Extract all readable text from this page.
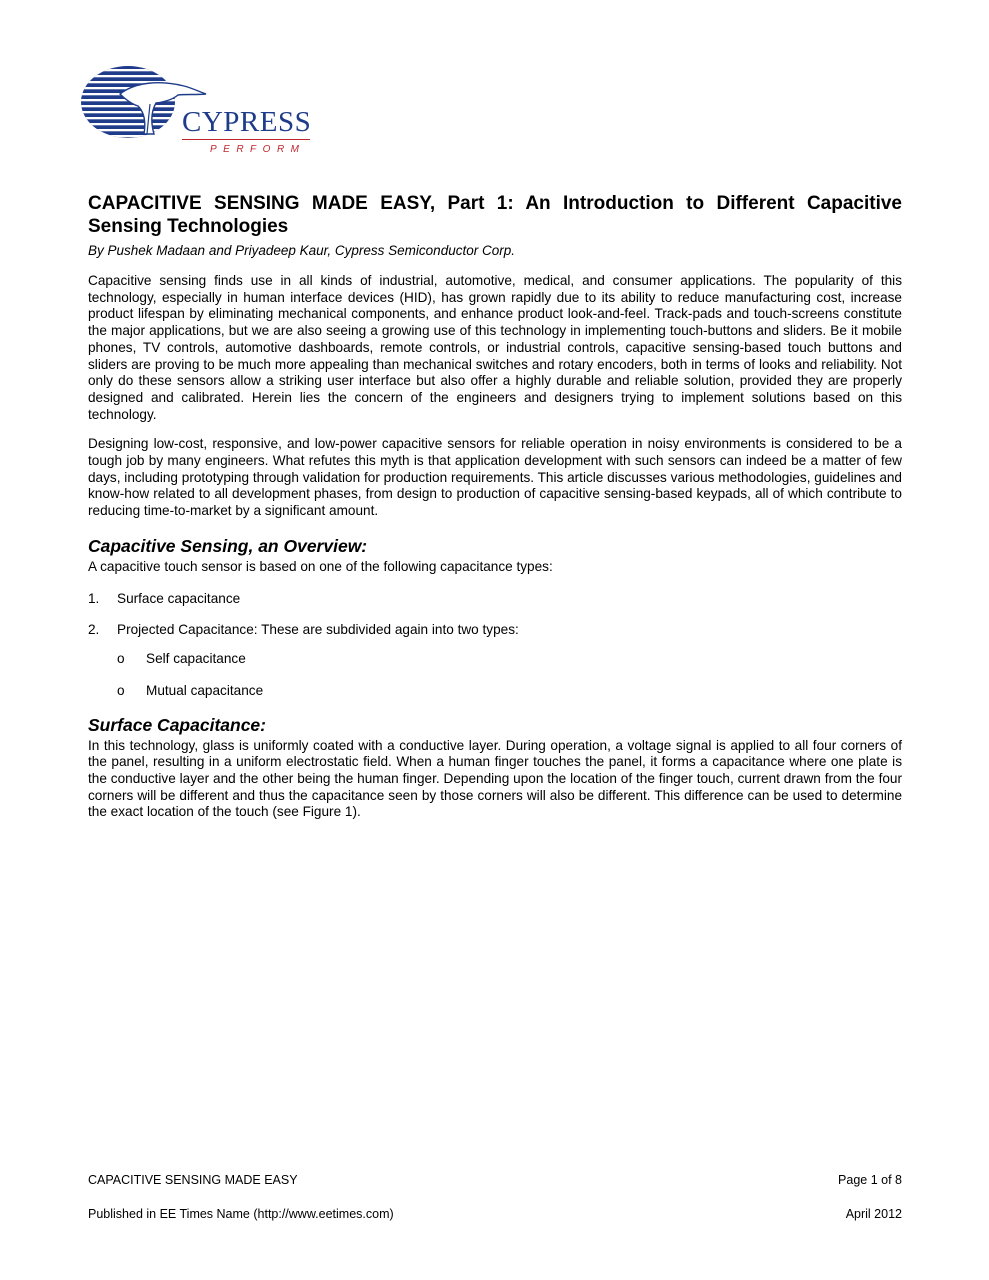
CYPRESS
PERFORM
CAPACITIVE SENSING MADE EASY, Part 1: An Introduction to Different Capacitive Sensing Technologies
By Pushek Madaan and Priyadeep Kaur, Cypress Semiconductor Corp.

Capacitive sensing finds use in all kinds of industrial, automotive, medical, and consumer applications. The popularity of this technology, especially in human interface devices (HID), has grown rapidly due to its ability to reduce manufacturing cost, increase product lifespan by eliminating mechanical components, and enhance product look-and-feel. Track-pads and touch-screens constitute the major applications, but we are also seeing a growing use of this technology in implementing touch-buttons and sliders. Be it mobile phones, TV controls, automotive dashboards, remote controls, or industrial controls, capacitive sensing-based touch buttons and sliders are proving to be much more appealing than mechanical switches and rotary encoders, both in terms of looks and reliability. Not only do these sensors allow a striking user interface but also offer a highly durable and reliable solution, provided they are properly designed and calibrated. Herein lies the concern of the engineers and designers trying to implement solutions based on this technology.

Designing low-cost, responsive, and low-power capacitive sensors for reliable operation in noisy environments is considered to be a tough job by many engineers. What refutes this myth is that application development with such sensors can indeed be a matter of few days, including prototyping through validation for production requirements. This article discusses various methodologies, guidelines and know-how related to all development phases, from design to production of capacitive sensing-based keypads, all of which contribute to reducing time-to-market by a significant amount.

Capacitive Sensing, an Overview:

A capacitive touch sensor is based on one of the following capacitance types:

1.	Surface capacitance
2.	Projected Capacitance: These are subdivided again into two types:
o	Self capacitance
o	Mutual capacitance
Surface Capacitance:

In this technology, glass is uniformly coated with a conductive layer. During operation, a voltage signal is applied to all four corners of the panel, resulting in a uniform electrostatic field. When a human finger touches the panel, it forms a capacitance where one plate is the conductive layer and the other being the human finger. Depending upon the location of the finger touch, current drawn from the four corners will be different and thus the capacitance seen by those corners will also be different. This difference can be used to determine the exact location of the touch (see Figure 1).

CAPACITIVE SENSING MADE EASY	Page 1 of 8
Published in EE Times Name (http://www.eetimes.com)	April 2012
